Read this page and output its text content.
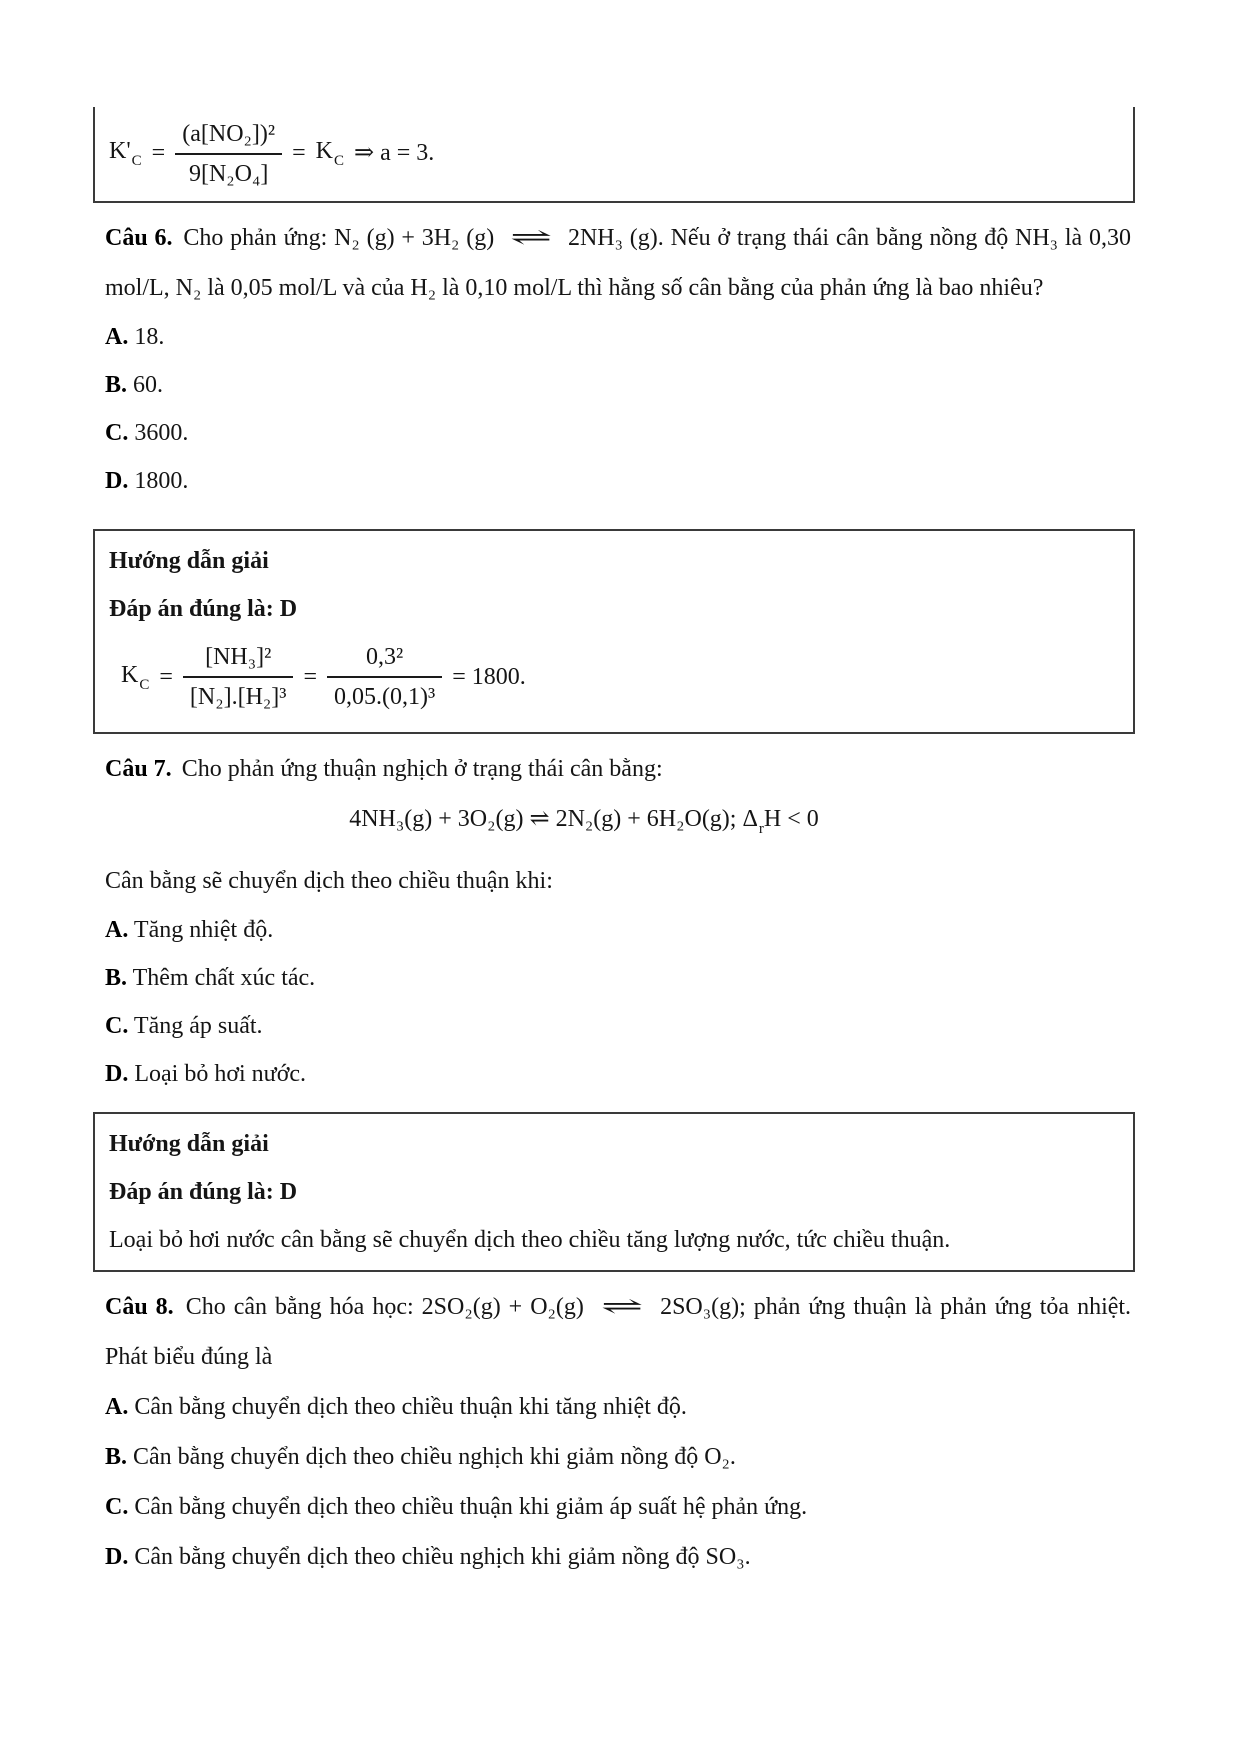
$K'_C = \frac{\text{(a[NO₂])²}}{\text{9[N₂O₄]}} = K_C$ ⇒ a = 3.

Câu 6. Cho phản ứng: N₂ (g) + 3H₂ (g) ⇌ 2NH₃ (g). Nếu ở trạng thái cân bằng nồng độ NH₃ là 0,30 mol/L, N₂ là 0,05 mol/L và của H₂ là 0,10 mol/L thì hằng số cân bằng của phản ứng là bao nhiêu?

A. 18.

B. 60.

C. 3600.

D. 1800.

Hướng dẫn giải

Đáp án đúng là: D

$K_C = \frac{\text{[NH₃]²}}{\text{[N₂].[H₂]³}} = \frac{\text{0,3²}}{\text{0,05.(0,1)³}} = 1800$.

Câu 7. Cho phản ứng thuận nghịch ở trạng thái cân bằng:

4NH₃(g) + 3O₂(g) ⇌ 2N₂(g) + 6H₂O(g); $\Delta_rH < 0$

Cân bằng sẽ chuyển dịch theo chiều thuận khi:

A. Tăng nhiệt độ.

B. Thêm chất xúc tác.

C. Tăng áp suất.

D. Loại bỏ hơi nước.

Hướng dẫn giải

Đáp án đúng là: D

Loại bỏ hơi nước cân bằng sẽ chuyển dịch theo chiều tăng lượng nước, tức chiều thuận.

Câu 8. Cho cân bằng hóa học: 2SO₂(g) + O₂(g) ⇌ 2SO₃(g); phản ứng thuận là phản ứng tỏa nhiệt. Phát biểu đúng là

A. Cân bằng chuyển dịch theo chiều thuận khi tăng nhiệt độ.

B. Cân bằng chuyển dịch theo chiều nghịch khi giảm nồng độ O₂.

C. Cân bằng chuyển dịch theo chiều thuận khi giảm áp suất hệ phản ứng.

D. Cân bằng chuyển dịch theo chiều nghịch khi giảm nồng độ SO₃.
